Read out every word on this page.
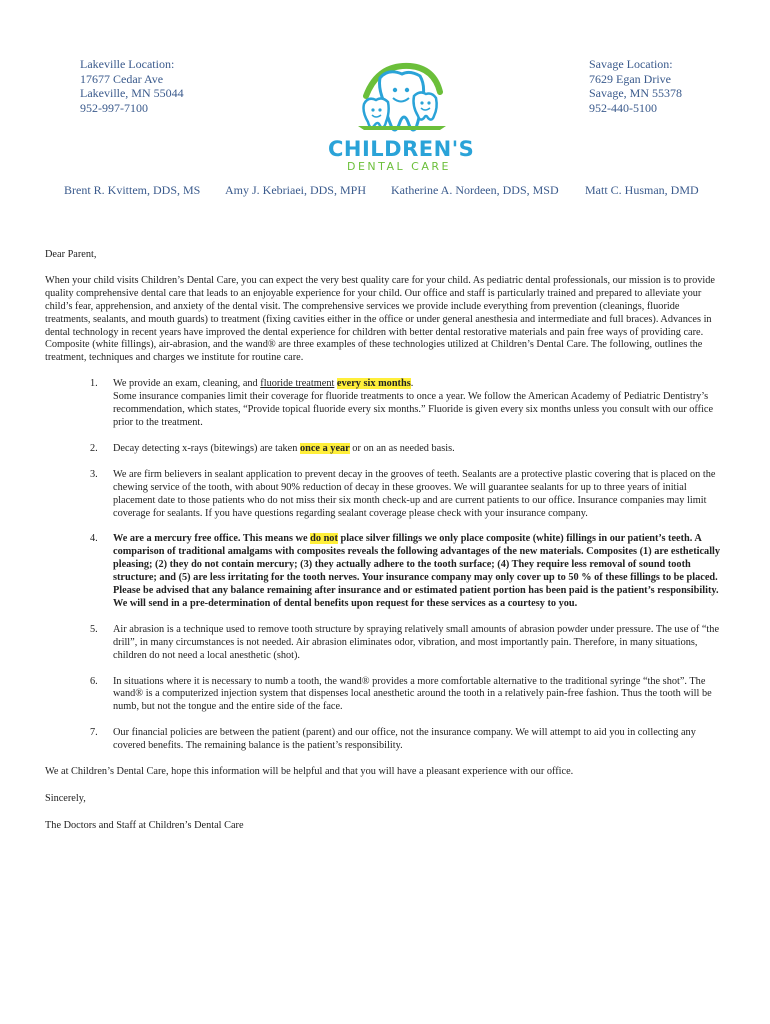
Lakeville Location:
17677 Cedar Ave
Lakeville, MN 55044
952-997-7100
Savage Location:
7629 Egan Drive
Savage, MN 55378
952-440-5100
CHILDREN'S
DENTAL CARE
Brent R. Kvittem, DDS, MS Amy J. Kebriaei, DDS, MPH Katherine A. Nordeen, DDS, MSD Matt C. Husman, DMD

Dear Parent,

When your child visits Children’s Dental Care, you can expect the very best quality care for your child. As pediatric dental professionals, our mission is to provide quality comprehensive dental care that leads to an enjoyable experience for your child. Our office and staff is particularly trained and prepared to alleviate your child’s fear, apprehension, and anxiety of the dental visit. The comprehensive services we provide include everything from prevention (cleanings, fluoride treatments, sealants, and mouth guards) to treatment (fixing cavities either in the office or under general anesthesia and intermediate and full braces). Advances in dental technology in recent years have improved the dental experience for children with better dental restorative materials and pain free ways of providing care. Composite (white fillings), air-abrasion, and the wand® are three examples of these technologies utilized at Children’s Dental Care. The following, outlines the treatment, techniques and charges we institute for routine care.

1. We provide an exam, cleaning, and fluoride treatment every six months.
Some insurance companies limit their coverage for fluoride treatments to once a year. We follow the American Academy of Pediatric Dentistry’s recommendation, which states, “Provide topical fluoride every six months.” Fluoride is given every six months unless you consult with our office prior to the treatment.
2. Decay detecting x-rays (bitewings) are taken once a year or on an as needed basis.
3. We are firm believers in sealant application to prevent decay in the grooves of teeth. Sealants are a protective plastic covering that is placed on the chewing service of the tooth, with about 90% reduction of decay in these grooves. We will guarantee sealants for up to three years of initial placement date to those patients who do not miss their six month check-up and are current patients to our office. Insurance companies may limit coverage for sealants. If you have questions regarding sealant coverage please check with your insurance company.
4. We are a mercury free office. This means we do not place silver fillings we only place composite (white) fillings in our patient’s teeth. A comparison of traditional amalgams with composites reveals the following advantages of the new materials. Composites (1) are esthetically pleasing; (2) they do not contain mercury; (3) they actually adhere to the tooth surface; (4) They require less removal of sound tooth structure; and (5) are less irritating for the tooth nerves. Your insurance company may only cover up to 50 % of these fillings to be placed. Please be advised that any balance remaining after insurance and or estimated patient portion has been paid is the patient’s responsibility. We will send in a pre-determination of dental benefits upon request for these services as a courtesy to you.
5. Air abrasion is a technique used to remove tooth structure by spraying relatively small amounts of abrasion powder under pressure. The use of “the drill”, in many circumstances is not needed. Air abrasion eliminates odor, vibration, and most importantly pain. Therefore, in many situations, children do not need a local anesthetic (shot).
6. In situations where it is necessary to numb a tooth, the wand® provides a more comfortable alternative to the traditional syringe “the shot”. The wand® is a computerized injection system that dispenses local anesthetic around the tooth in a relatively pain-free fashion. Thus the tooth will be numb, but not the tongue and the entire side of the face.
7. Our financial policies are between the patient (parent) and our office, not the insurance company. We will attempt to aid you in collecting any covered benefits. The remaining balance is the patient’s responsibility.

We at Children’s Dental Care, hope this information will be helpful and that you will have a pleasant experience with our office.

Sincerely,

The Doctors and Staff at Children’s Dental Care
